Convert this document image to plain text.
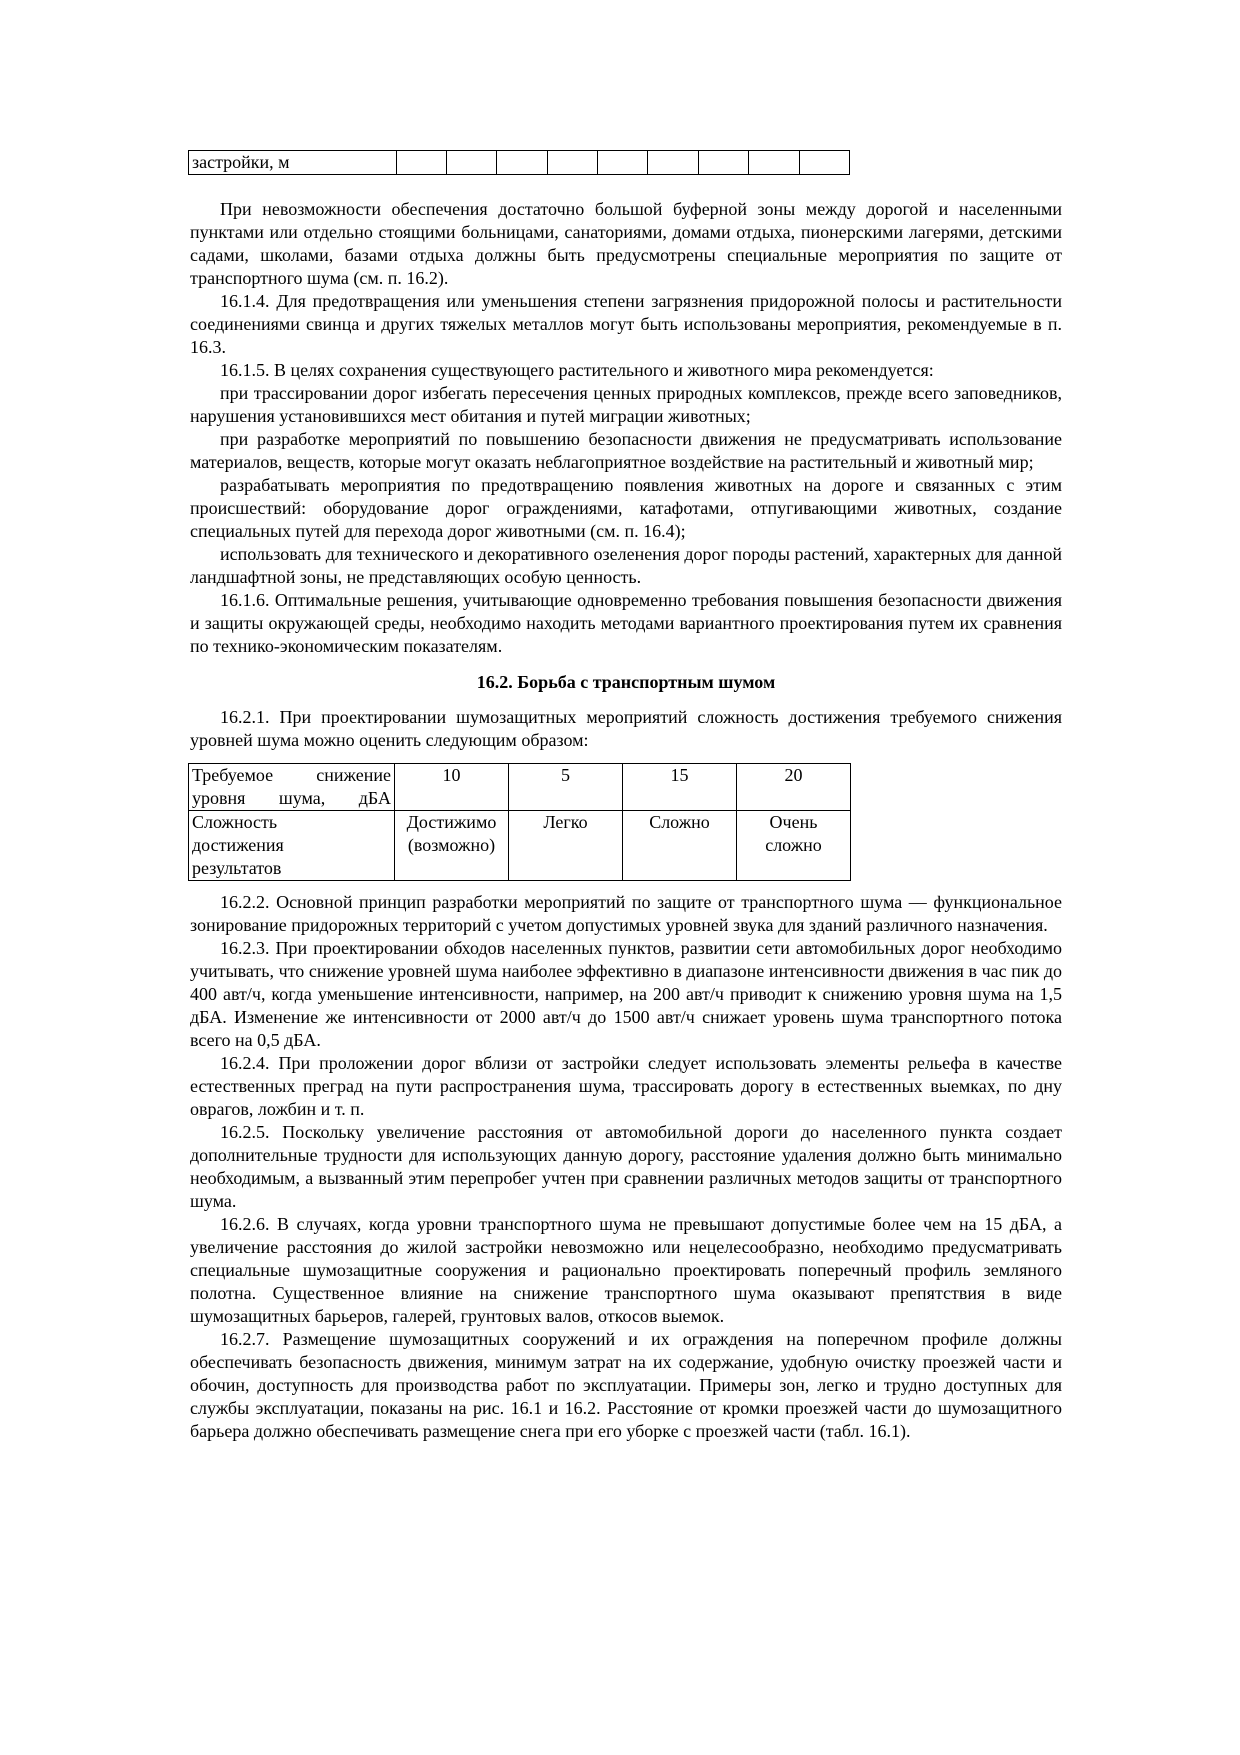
застройки, м									

При невозможности обеспечения достаточно большой буферной зоны между дорогой и населенными пунктами или отдельно стоящими больницами, санаториями, домами отдыха, пионерскими лагерями, детскими садами, школами, базами отдыха должны быть предусмотрены специальные мероприятия по защите от транспортного шума (см. п. 16.2).

16.1.4. Для предотвращения или уменьшения степени загрязнения придорожной полосы и растительности соединениями свинца и других тяжелых металлов могут быть использованы мероприятия, рекомендуемые в п. 16.3.

16.1.5. В целях сохранения существующего растительного и животного мира рекомендуется:

при трассировании дорог избегать пересечения ценных природных комплексов, прежде всего заповедников, нарушения установившихся мест обитания и путей миграции животных;

при разработке мероприятий по повышению безопасности движения не предусматривать использование материалов, веществ, которые могут оказать неблагоприятное воздействие на растительный и животный мир;

разрабатывать мероприятия по предотвращению появления животных на дороге и связанных с этим происшествий: оборудование дорог ограждениями, катафотами, отпугивающими животных, создание специальных путей для перехода дорог животными (см. п. 16.4);

использовать для технического и декоративного озеленения дорог породы растений, характерных для данной ландшафтной зоны, не представляющих особую ценность.

16.1.6. Оптимальные решения, учитывающие одновременно требования повышения безопасности движения и защиты окружающей среды, необходимо находить методами вариантного проектирования путем их сравнения по технико-экономическим показателям.

16.2. Борьба с транспортным шумом

16.2.1. При проектировании шумозащитных мероприятий сложность достижения требуемого снижения уровней шума можно оценить следующим образом:

Требуемое снижение уровня шума, дБА	10	5	15	20

Сложность достижения результатов	Достижимо (возможно)	Легко	Сложно	Очень сложно

16.2.2. Основной принцип разработки мероприятий по защите от транспортного шума — функциональное зонирование придорожных территорий с учетом допустимых уровней звука для зданий различного назначения.

16.2.3. При проектировании обходов населенных пунктов, развитии сети автомобильных дорог необходимо учитывать, что снижение уровней шума наиболее эффективно в диапазоне интенсивности движения в час пик до 400 авт/ч, когда уменьшение интенсивности, например, на 200 авт/ч приводит к снижению уровня шума на 1,5 дБА. Изменение же интенсивности от 2000 авт/ч до 1500 авт/ч снижает уровень шума транспортного потока всего на 0,5 дБА.

16.2.4. При проложении дорог вблизи от застройки следует использовать элементы рельефа в качестве естественных преград на пути распространения шума, трассировать дорогу в естественных выемках, по дну оврагов, ложбин и т. п.

16.2.5. Поскольку увеличение расстояния от автомобильной дороги до населенного пункта создает дополнительные трудности для использующих данную дорогу, расстояние удаления должно быть минимально необходимым, а вызванный этим перепробег учтен при сравнении различных методов защиты от транспортного шума.

16.2.6. В случаях, когда уровни транспортного шума не превышают допустимые более чем на 15 дБА, а увеличение расстояния до жилой застройки невозможно или нецелесообразно, необходимо предусматривать специальные шумозащитные сооружения и рационально проектировать поперечный профиль земляного полотна. Существенное влияние на снижение транспортного шума оказывают препятствия в виде шумозащитных барьеров, галерей, грунтовых валов, откосов выемок.

16.2.7. Размещение шумозащитных сооружений и их ограждения на поперечном профиле должны обеспечивать безопасность движения, минимум затрат на их содержание, удобную очистку проезжей части и обочин, доступность для производства работ по эксплуатации. Примеры зон, легко и трудно доступных для службы эксплуатации, показаны на рис. 16.1 и 16.2. Расстояние от кромки проезжей части до шумозащитного барьера должно обеспечивать размещение снега при его уборке с проезжей части (табл. 16.1).
